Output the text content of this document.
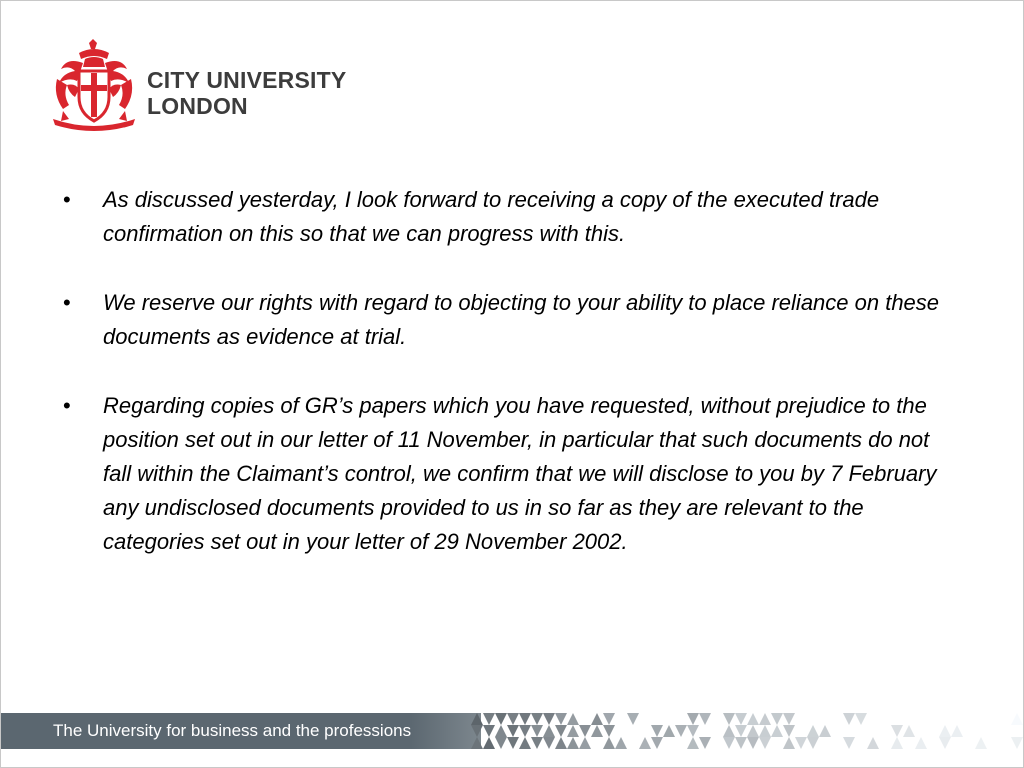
CITY UNIVERSITY
LONDON
• As discussed yesterday, I look forward to receiving a copy of the executed trade confirmation on this so that we can progress with this.
• We reserve our rights with regard to objecting to your ability to place reliance on these documents as evidence at trial.
• Regarding copies of GR’s papers which you have requested, without prejudice to the position set out in our letter of 11 November, in particular that such documents do not fall within the Claimant’s control, we confirm that we will disclose to you by 7 February any undisclosed documents provided to us in so far as they are relevant to the categories set out in your letter of 29 November 2002.
The University for business and the professions
